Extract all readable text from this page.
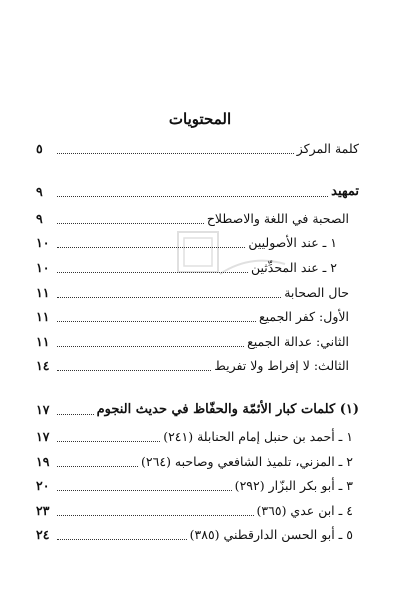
المحتويات
كلمة المركز
٥
تمهيد
٩
الصحبة في اللغة والاصطلاح
٩
١ ـ عند الأصوليين
١٠
٢ ـ عند المحدِّثين
١٠
حال الصحابة
١١
الأول: كفر الجميع
١١
الثاني: عدالة الجميع
١١
الثالث: لا إفراط ولا تفريط
١٤
(١) كلمات كبار الأئمّة والحفّاظ في حديث النجوم
١٧
١ ـ أحمد بن حنبل إمام الحنابلة (٢٤١)
١٧
٢ ـ المزني، تلميذ الشافعي وصاحبه (٢٦٤)
١٩
٣ ـ أبو بكر البزّار (٢٩٢)
٢٠
٤ ـ ابن عدي (٣٦٥)
٢٣
٥ ـ أبو الحسن الدارقطني (٣٨٥)
٢٤
